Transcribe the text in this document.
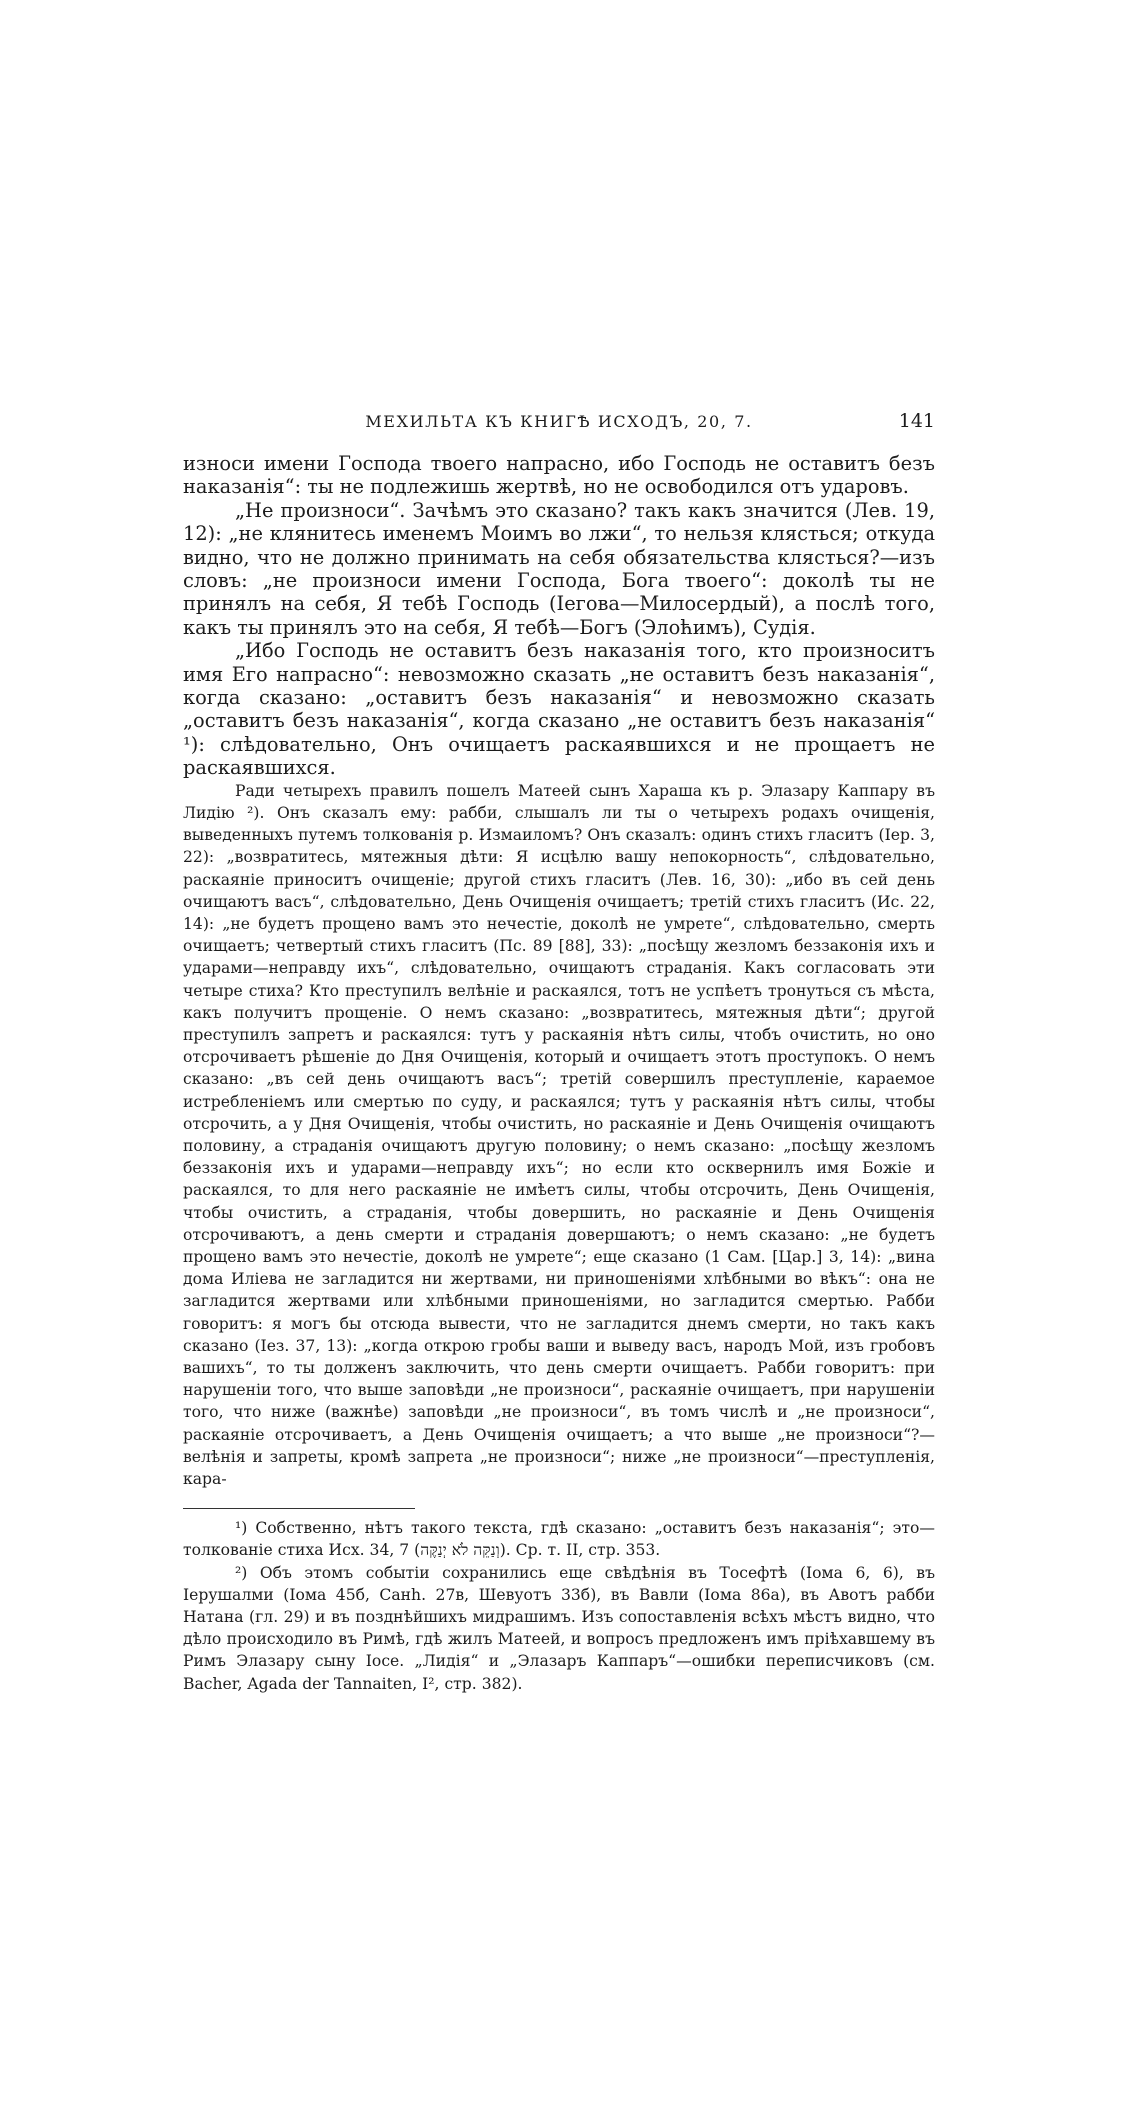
МЕХИЛЬТА КЪ КНИГѢ ИСХОДЪ, 20, 7.	141

износи имени Господа твоего напрасно, ибо Господь не оставитъ безъ наказанія“: ты не подлежишь жертвѣ, но не освободился отъ ударовъ.

„Не произноси“. Зачѣмъ это сказано? такъ какъ значится (Лев. 19, 12): „не клянитесь именемъ Моимъ во лжи“, то нельзя клясться; откуда видно, что не должно принимать на себя обязательства клясться?—изъ словъ: „не произноси имени Господа, Бога твоего“: доколѣ ты не принялъ на себя, Я тебѣ Господь (Іегова—Милосердый), а послѣ того, какъ ты принялъ это на себя, Я тебѣ—Богъ (Элоћимъ), Судія.

„Ибо Господь не оставитъ безъ наказанія того, кто произноситъ имя Его напрасно“: невозможно сказать „не оставитъ безъ наказанія“, когда сказано: „оставитъ безъ наказанія“ и невозможно сказать „оставитъ безъ наказанія“, когда сказано „не оставитъ безъ наказанія“ ¹): слѣдовательно, Онъ очищаетъ раскаявшихся и не прощаетъ не раскаявшихся.

Ради четырехъ правилъ пошелъ Матеей сынъ Хараша къ р. Элазару Каппару въ Лидію ²). Онъ сказалъ ему: рабби, слышалъ ли ты о четырехъ родахъ очищенія, выведенныхъ путемъ толкованія р. Измаиломъ? Онъ сказалъ: одинъ стихъ гласитъ (Іер. 3, 22): „возвратитесь, мятежныя дѣти: Я исцѣлю вашу непокорность“, слѣдовательно, раскаяніе приноситъ очищеніе; другой стихъ гласитъ (Лев. 16, 30): „ибо въ сей день очищаютъ васъ“, слѣдовательно, День Очищенія очищаетъ; третій стихъ гласитъ (Ис. 22, 14): „не будетъ прощено вамъ это нечестіе, доколѣ не умрете“, слѣдовательно, смерть очищаетъ; четвертый стихъ гласитъ (Пс. 89 [88], 33): „посѣщу жезломъ беззаконія ихъ и ударами—неправду ихъ“, слѣдовательно, очищаютъ страданія. Какъ согласовать эти четыре стиха? Кто преступилъ велѣніе и раскаялся, тотъ не успѣетъ тронуться съ мѣста, какъ получитъ прощеніе. О немъ сказано: „возвратитесь, мятежныя дѣти“; другой преступилъ запретъ и раскаялся: тутъ у раскаянія нѣтъ силы, чтобъ очистить, но оно отсрочиваетъ рѣшеніе до Дня Очищенія, который и очищаетъ этотъ проступокъ. О немъ сказано: „въ сей день очищаютъ васъ“; третій совершилъ преступленіе, караемое истребленіемъ или смертью по суду, и раскаялся; тутъ у раскаянія нѣтъ силы, чтобы отсрочить, а у Дня Очищенія, чтобы очистить, но раскаяніе и День Очищенія очищаютъ половину, а страданія очищаютъ другую половину; о немъ сказано: „посѣщу жезломъ беззаконія ихъ и ударами—неправду ихъ“; но если кто осквернилъ имя Божіе и раскаялся, то для него раскаяніе не имѣетъ силы, чтобы отсрочить, День Очищенія, чтобы очистить, а страданія, чтобы довершить, но раскаяніе и День Очищенія отсрочиваютъ, а день смерти и страданія довершаютъ; о немъ сказано: „не будетъ прощено вамъ это нечестіе, доколѣ не умрете“; еще сказано (1 Сам. [Цар.] 3, 14): „вина дома Иліева не загладится ни жертвами, ни приношеніями хлѣбными во вѣкъ“: она не загладится жертвами или хлѣбными приношеніями, но загладится смертью. Рабби говоритъ: я могъ бы отсюда вывести, что не загладится днемъ смерти, но такъ какъ сказано (Іез. 37, 13): „когда открою гробы ваши и выведу васъ, народъ Мой, изъ гробовъ вашихъ“, то ты долженъ заключить, что день смерти очищаетъ. Рабби говоритъ: при нарушеніи того, что выше заповѣди „не произноси“, раскаяніе очищаетъ, при нарушеніи того, что ниже (важнѣе) заповѣди „не произноси“, въ томъ числѣ и „не произноси“, раскаяніе отсрочиваетъ, а День Очищенія очищаетъ; а что выше „не произноси“?—велѣнія и запреты, кромѣ запрета „не произноси“; ниже „не произноси“—преступленія, кара-

¹) Собственно, нѣтъ такого текста, гдѣ сказано: „оставитъ безъ наказанія“; это—толкованіе стиха Исх. 34, 7 (וְנַקֵּה לֹא יְנַקֶּה). Ср. т. II, стр. 353.

²) Объ этомъ событіи сохранились еще свѣдѣнія въ Тосефтѣ (Іома 6, 6), въ Іерушалми (Іома 45б, Санһ. 27в, Шевуотъ 33б), въ Вавли (Іома 86а), въ Авотъ рабби Натана (гл. 29) и въ позднѣйшихъ мидрашимъ. Изъ сопоставленія всѣхъ мѣстъ видно, что дѣло происходило въ Римѣ, гдѣ жилъ Матеей, и вопросъ предложенъ имъ пріѣхавшему въ Римъ Элазару сыну Іосе. „Лидія“ и „Элазаръ Каппаръ“—ошибки переписчиковъ (см. Bacher, Agada der Tannaiten, I², стр. 382).
